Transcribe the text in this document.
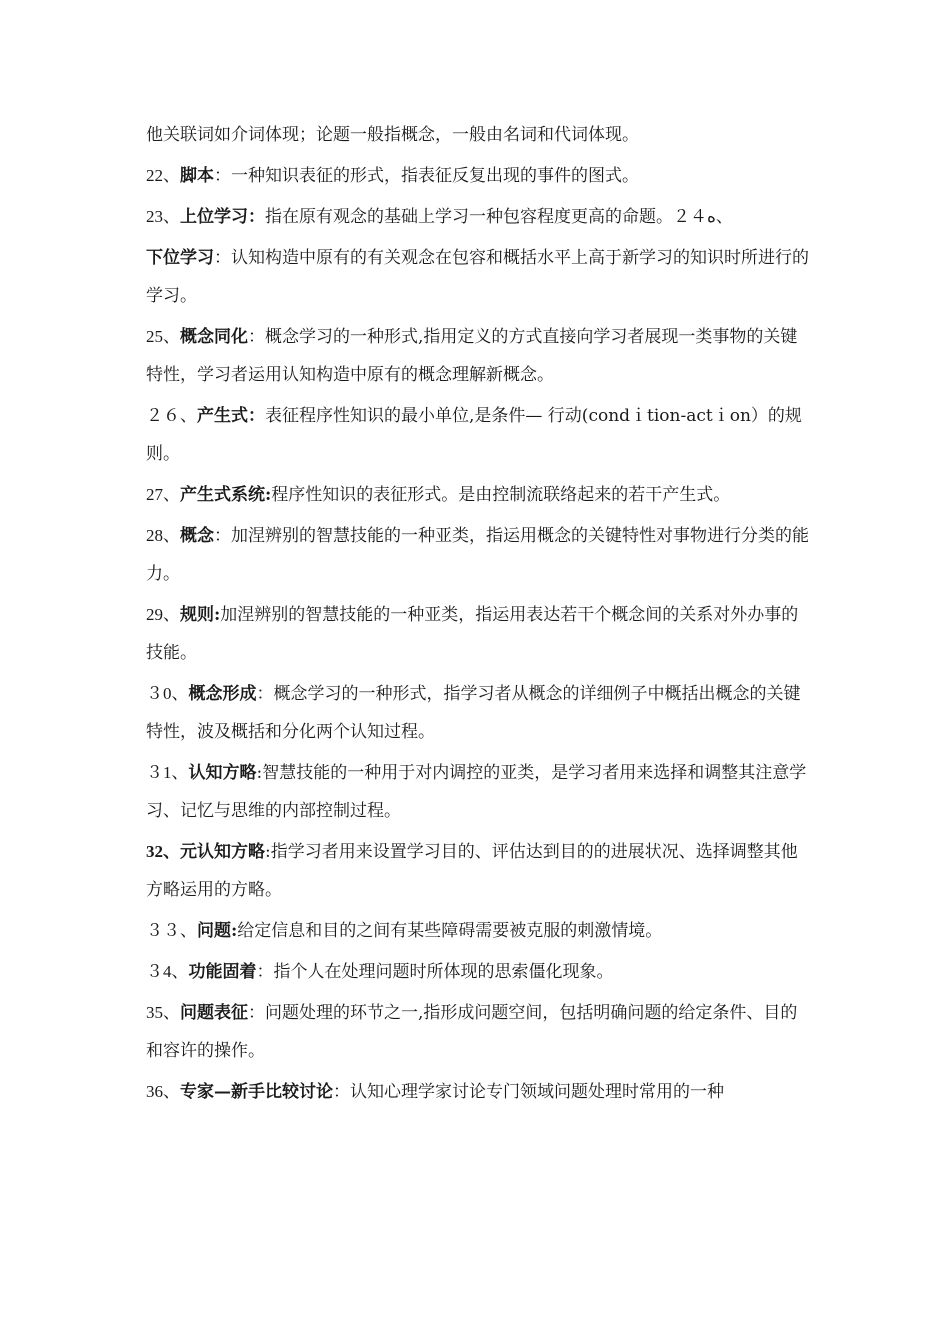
他关联词如介词体现；论题一般指概念，一般由名词和代词体现。

22、脚本：一种知识表征的形式，指表征反复出现的事件的图式。

23、上位学习：指在原有观念的基础上学习一种包容程度更高的命题。２４ﻩ、

下位学习：认知构造中原有的有关观念在包容和概括水平上高于新学习的知识时所进行的学习。

25、概念同化：概念学习的一种形式,指用定义的方式直接向学习者展现一类事物的关键特性，学习者运用认知构造中原有的概念理解新概念。

２６、产生式：表征程序性知识的最小单位,是条件— 行动(condｉtion-actｉon）的规则。

27、产生式系统:程序性知识的表征形式。是由控制流联络起来的若干产生式。

28、概念：加涅辨别的智慧技能的一种亚类，指运用概念的关键特性对事物进行分类的能力。

29、规则:加涅辨别的智慧技能的一种亚类，指运用表达若干个概念间的关系对外办事的技能。

３0、概念形成：概念学习的一种形式，指学习者从概念的详细例子中概括出概念的关键特性，波及概括和分化两个认知过程。

３1、认知方略:智慧技能的一种用于对内调控的亚类，是学习者用来选择和调整其注意学习、记忆与思维的内部控制过程。

32、元认知方略:指学习者用来设置学习目的、评估达到目的的进展状况、选择调整其他方略运用的方略。

３３、问题:给定信息和目的之间有某些障碍需要被克服的刺激情境。

３4、功能固着：指个人在处理问题时所体现的思索僵化现象。

35、问题表征：问题处理的环节之一,指形成问题空间，包括明确问题的给定条件、目的和容许的操作。

36、专家—新手比较讨论：认知心理学家讨论专门领域问题处理时常用的一种
